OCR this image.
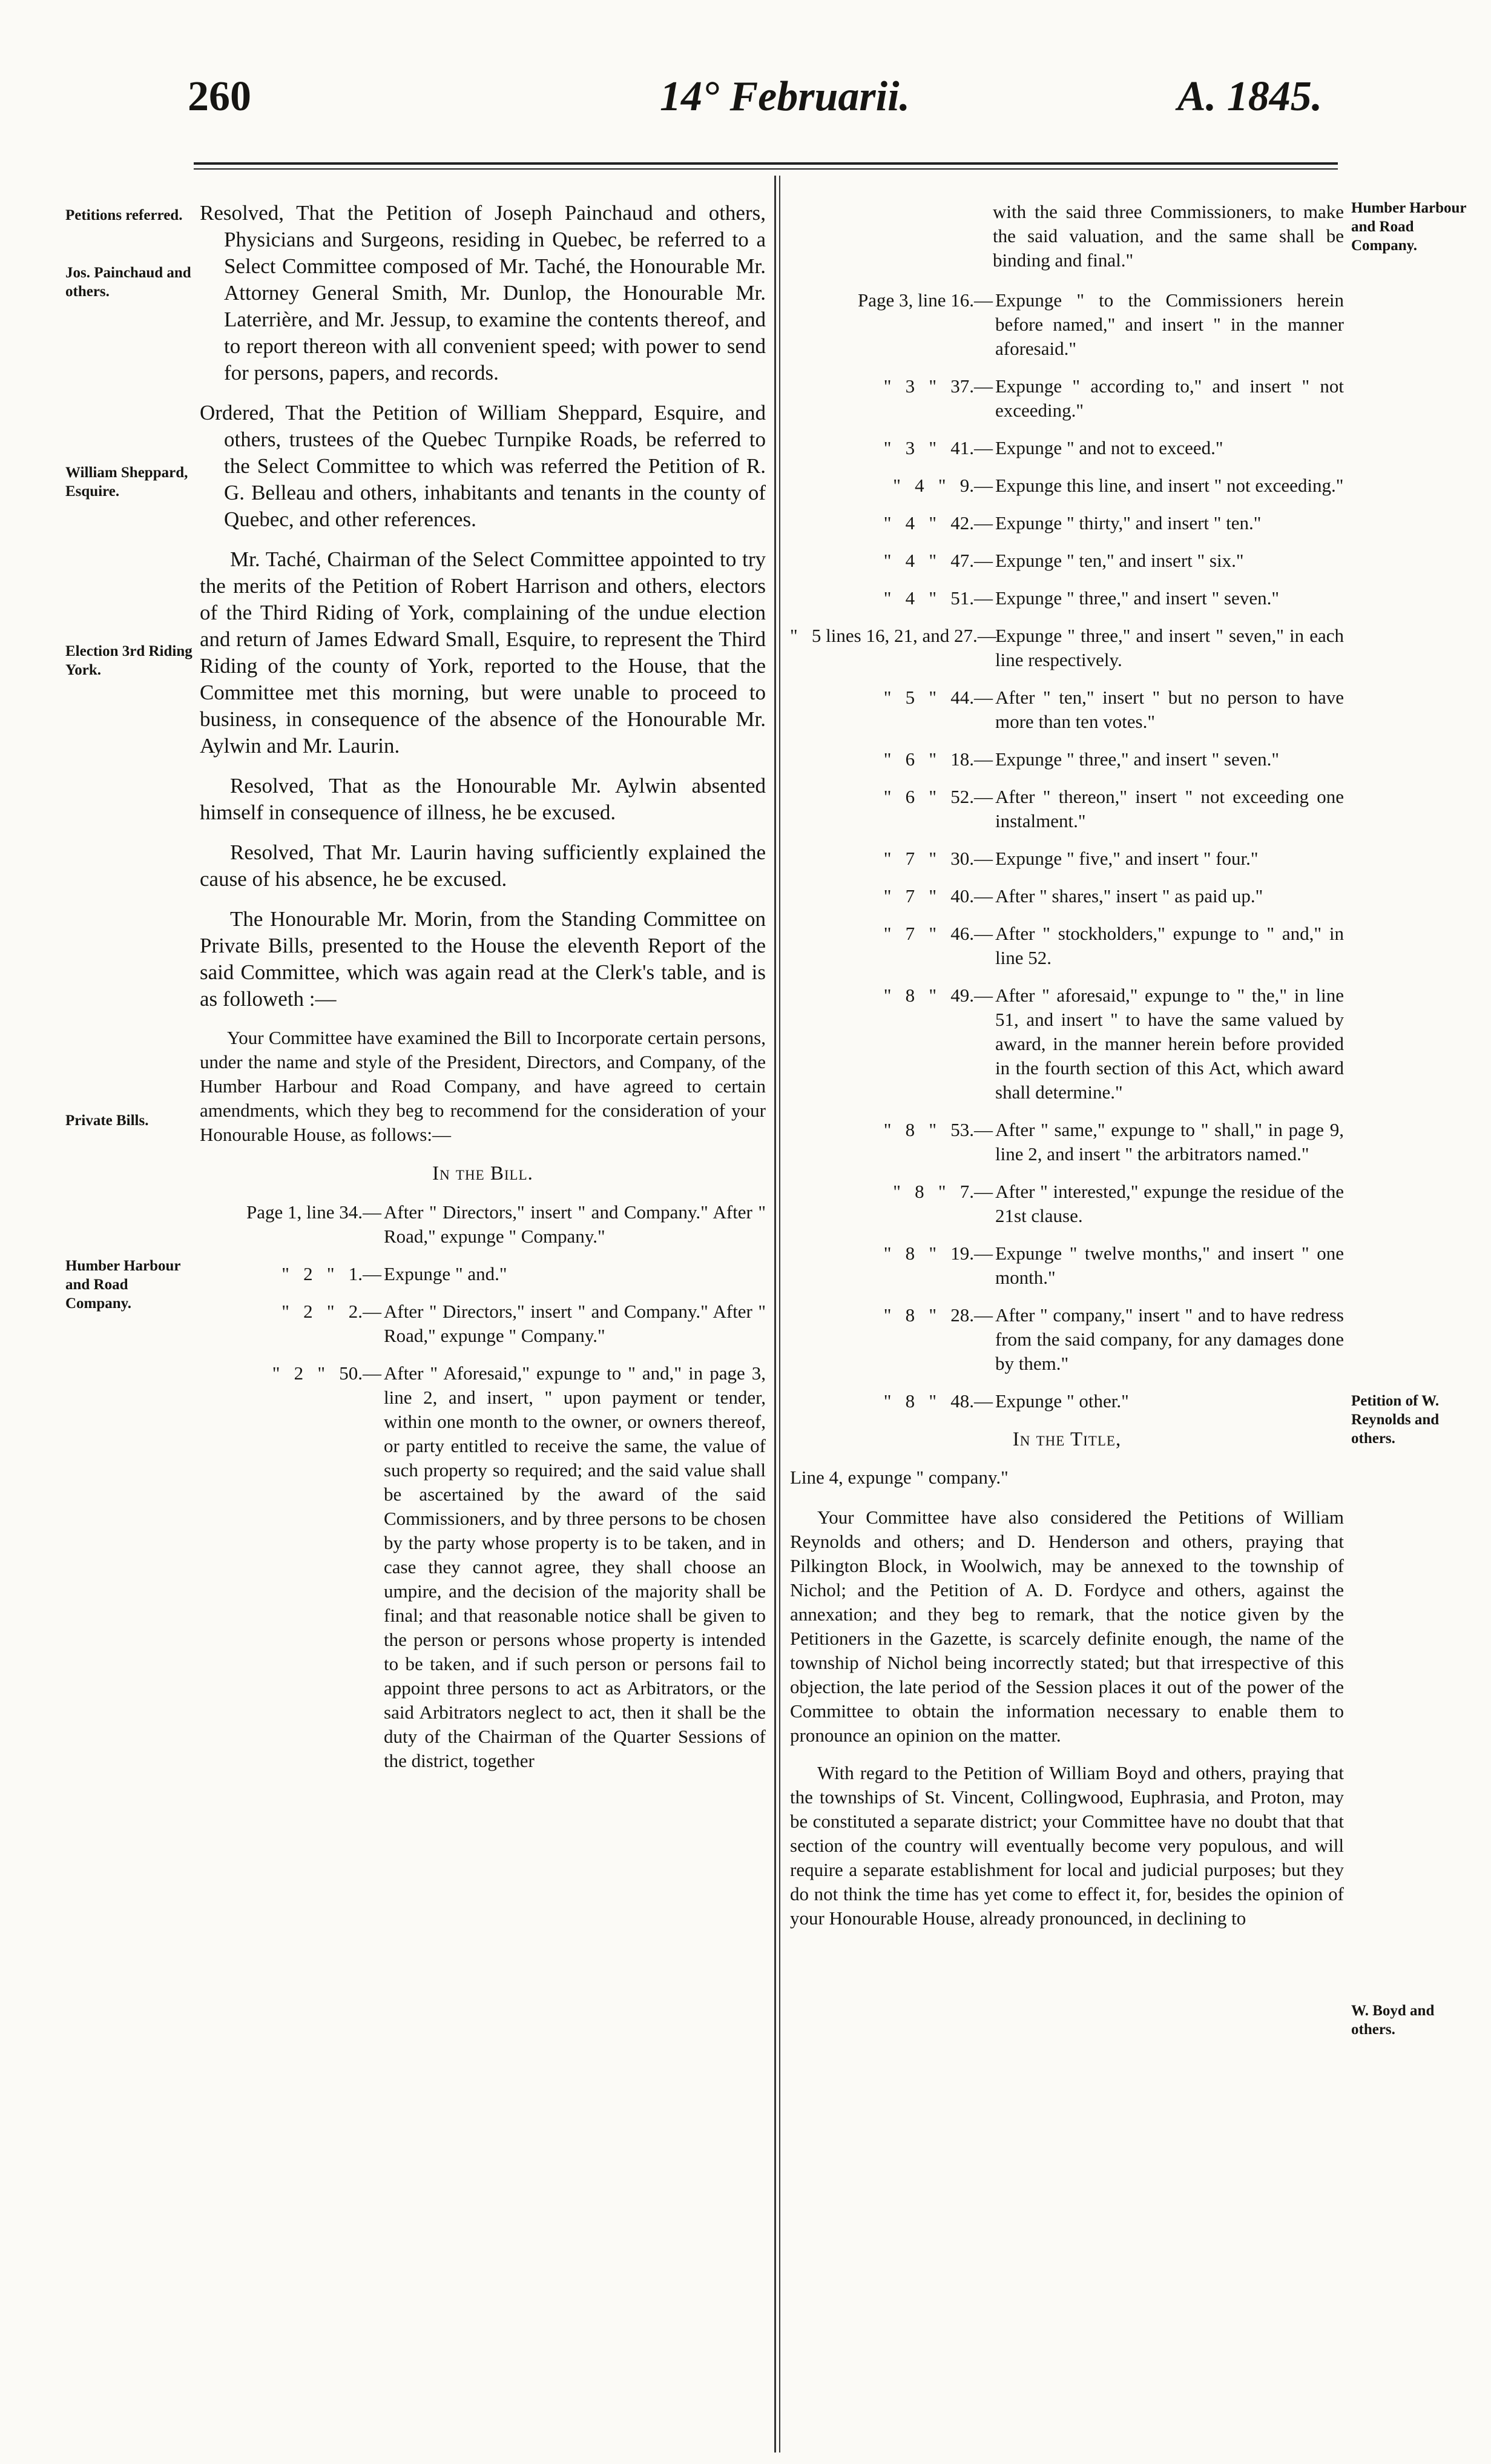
260	14° Februarii.	A. 1845.
Petitions referred.
Jos. Painchaud and others.
William Sheppard, Esquire.
Election 3rd Riding York.
Private Bills.
Humber Harbour and Road Company.
Humber Harbour and Road Company.
Petition of W. Reynolds and others.
W. Boyd and others.

Resolved, That the Petition of Joseph Painchaud and others, Physicians and Surgeons, residing in Quebec, be referred to a Select Committee composed of Mr. Taché, the Honourable Mr. Attorney General Smith, Mr. Dunlop, the Honourable Mr. Laterrière, and Mr. Jessup, to examine the contents thereof, and to report thereon with all convenient speed; with power to send for persons, papers, and records.

Ordered, That the Petition of William Sheppard, Esquire, and others, trustees of the Quebec Turnpike Roads, be referred to the Select Committee to which was referred the Petition of R. G. Belleau and others, inhabitants and tenants in the county of Quebec, and other references.

Mr. Taché, Chairman of the Select Committee appointed to try the merits of the Petition of Robert Harrison and others, electors of the Third Riding of York, complaining of the undue election and return of James Edward Small, Esquire, to represent the Third Riding of the county of York, reported to the House, that the Committee met this morning, but were unable to proceed to business, in consequence of the absence of the Honourable Mr. Aylwin and Mr. Laurin.

Resolved, That as the Honourable Mr. Aylwin absented himself in consequence of illness, he be excused.

Resolved, That Mr. Laurin having sufficiently explained the cause of his absence, he be excused.

The Honourable Mr. Morin, from the Standing Committee on Private Bills, presented to the House the eleventh Report of the said Committee, which was again read at the Clerk's table, and is as followeth :—

Your Committee have examined the Bill to Incorporate certain persons, under the name and style of the President, Directors, and Company, of the Humber Harbour and Road Company, and have agreed to certain amendments, which they beg to recommend for the consideration of your Honourable House, as follows:—

In the Bill.
Page 1, line 34.— After " Directors," insert " and Company." After " Road," expunge " Company."
"   2   "   1.— Expunge " and."
"   2   "   2.— After " Directors," insert " and Company." After " Road," expunge " Company."
"   2   "   50.— After " Aforesaid," expunge to " and," in page 3, line 2, and insert, " upon payment or tender, within one month to the owner, or owners thereof, or party entitled to receive the same, the value of such property so required; and the said value shall be ascertained by the award of the said Commissioners, and by three persons to be chosen by the party whose property is to be taken, and in case they cannot agree, they shall choose an umpire, and the decision of the majority shall be final; and that reasonable notice shall be given to the person or persons whose property is intended to be taken, and if such person or persons fail to appoint three persons to act as Arbitrators, or the said Arbitrators neglect to act, then it shall be the duty of the Chairman of the Quarter Sessions of the district, together

with the said three Commissioners, to make the said valuation, and the same shall be binding and final."

Page 3, line 16.— Expunge " to the Commissioners herein before named," and insert " in the manner aforesaid."
"   3   "   37.— Expunge " according to," and insert " not exceeding."
"   3   "   41.— Expunge " and not to exceed."
"   4   "   9.— Expunge this line, and insert " not exceeding."
"   4   "   42.— Expunge " thirty," and insert " ten."
"   4   "   47.— Expunge " ten," and insert " six."
"   4   "   51.— Expunge " three," and insert " seven."
"   5 lines 16, 21, and 27.—
Expunge " three," and insert " seven," in each line respectively.
"   5   "   44.— After " ten," insert " but no person to have more than ten votes."
"   6   "   18.— Expunge " three," and insert " seven."
"   6   "   52.— After " thereon," insert " not exceeding one instalment."
"   7   "   30.— Expunge " five," and insert " four."
"   7   "   40.— After " shares," insert " as paid up."
"   7   "   46.— After " stockholders," expunge to " and," in line 52.
"   8   "   49.— After " aforesaid," expunge to " the," in line 51, and insert " to have the same valued by award, in the manner herein before provided in the fourth section of this Act, which award shall determine."
"   8   "   53.— After " same," expunge to " shall," in page 9, line 2, and insert " the arbitrators named."
"   8   "   7.— After " interested," expunge the residue of the 21st clause.
"   8   "   19.— Expunge " twelve months," and insert " one month."
"   8   "   28.— After " company," insert " and to have redress from the said company, for any damages done by them."
"   8   "   48.— Expunge " other."
In the Title,

Line 4, expunge " company."

Your Committee have also considered the Petitions of William Reynolds and others; and D. Henderson and others, praying that Pilkington Block, in Woolwich, may be annexed to the township of Nichol; and the Petition of A. D. Fordyce and others, against the annexation; and they beg to remark, that the notice given by the Petitioners in the Gazette, is scarcely definite enough, the name of the township of Nichol being incorrectly stated; but that irrespective of this objection, the late period of the Session places it out of the power of the Committee to obtain the information necessary to enable them to pronounce an opinion on the matter.

With regard to the Petition of William Boyd and others, praying that the townships of St. Vincent, Collingwood, Euphrasia, and Proton, may be constituted a separate district; your Committee have no doubt that that section of the country will eventually become very populous, and will require a separate establishment for local and judicial purposes; but they do not think the time has yet come to effect it, for, besides the opinion of your Honourable House, already pronounced, in declining to
